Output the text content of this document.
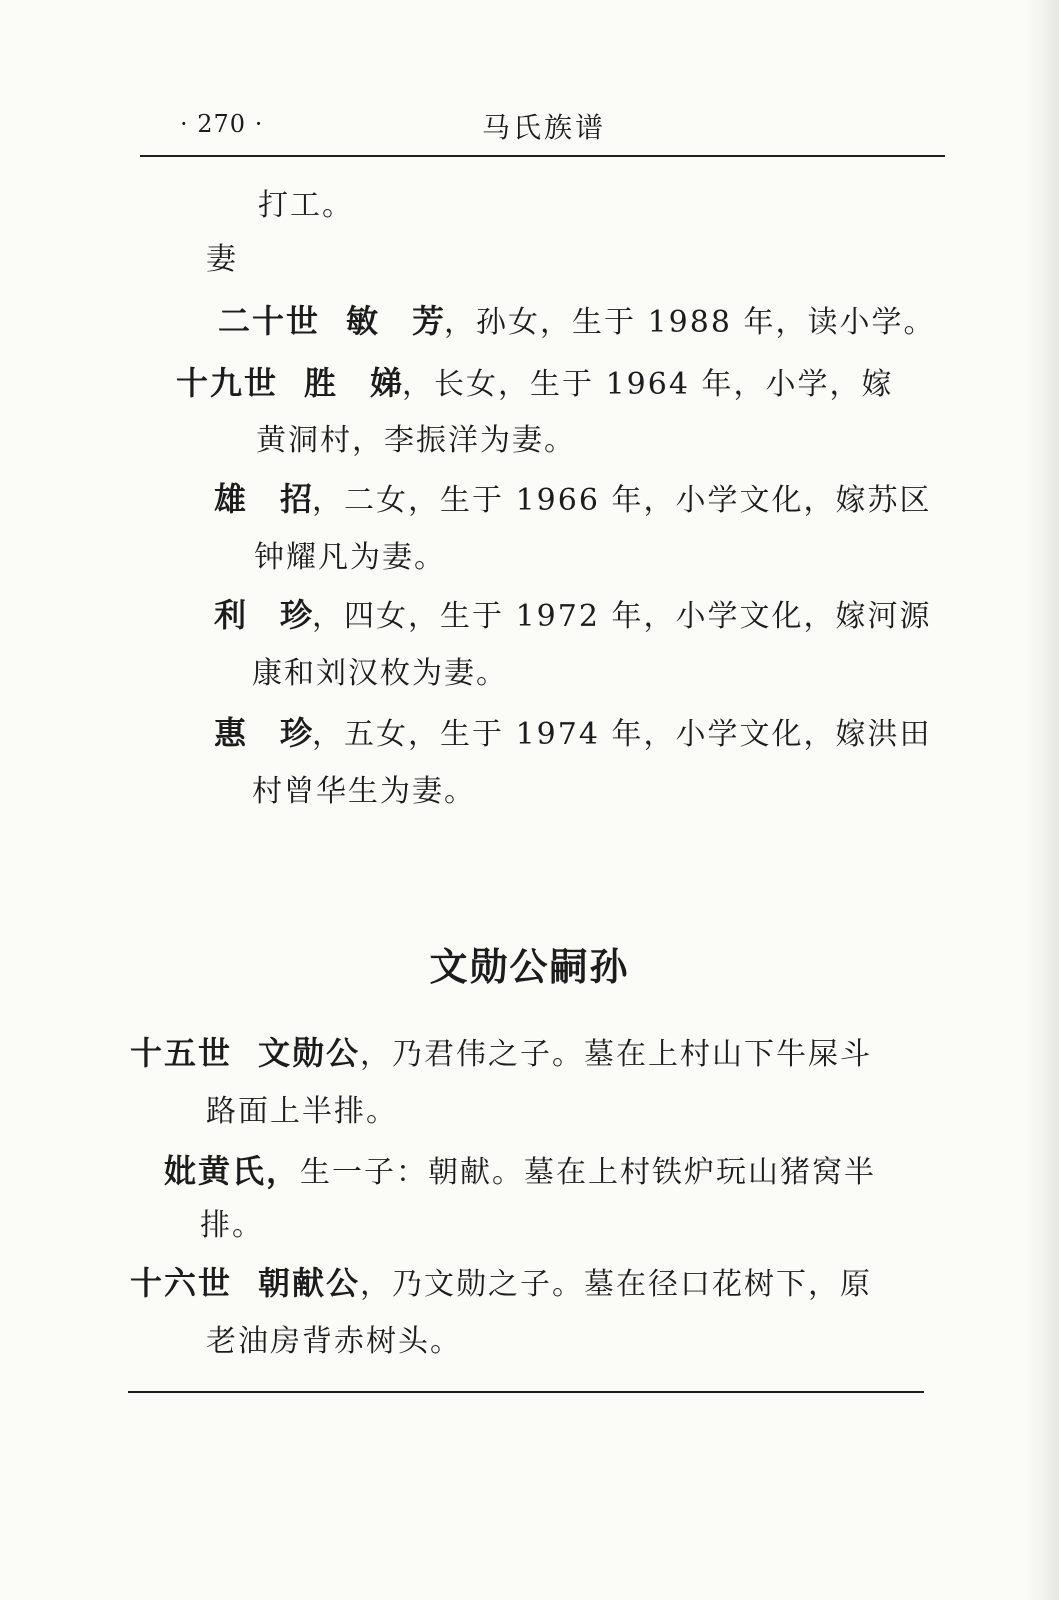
· 270 ·	马氏族谱
打工。
妻
二十世 敏芳，孙女，生于 1988 年，读小学。
十九世 胜娣，长女，生于 1964 年，小学，嫁
黄洞村，李振洋为妻。
雄招，二女，生于 1966 年，小学文化，嫁苏区
钟耀凡为妻。
利珍，四女，生于 1972 年，小学文化，嫁河源
康和刘汉枚为妻。
惠珍，五女，生于 1974 年，小学文化，嫁洪田
村曾华生为妻。
文勋公嗣孙
十五世 文勋公，乃君伟之子。墓在上村山下牛屎斗
路面上半排。
妣黄氏，生一子：朝献。墓在上村铁炉玩山猪窝半
排。
十六世 朝献公，乃文勋之子。墓在径口花树下，原
老油房背赤树头。
